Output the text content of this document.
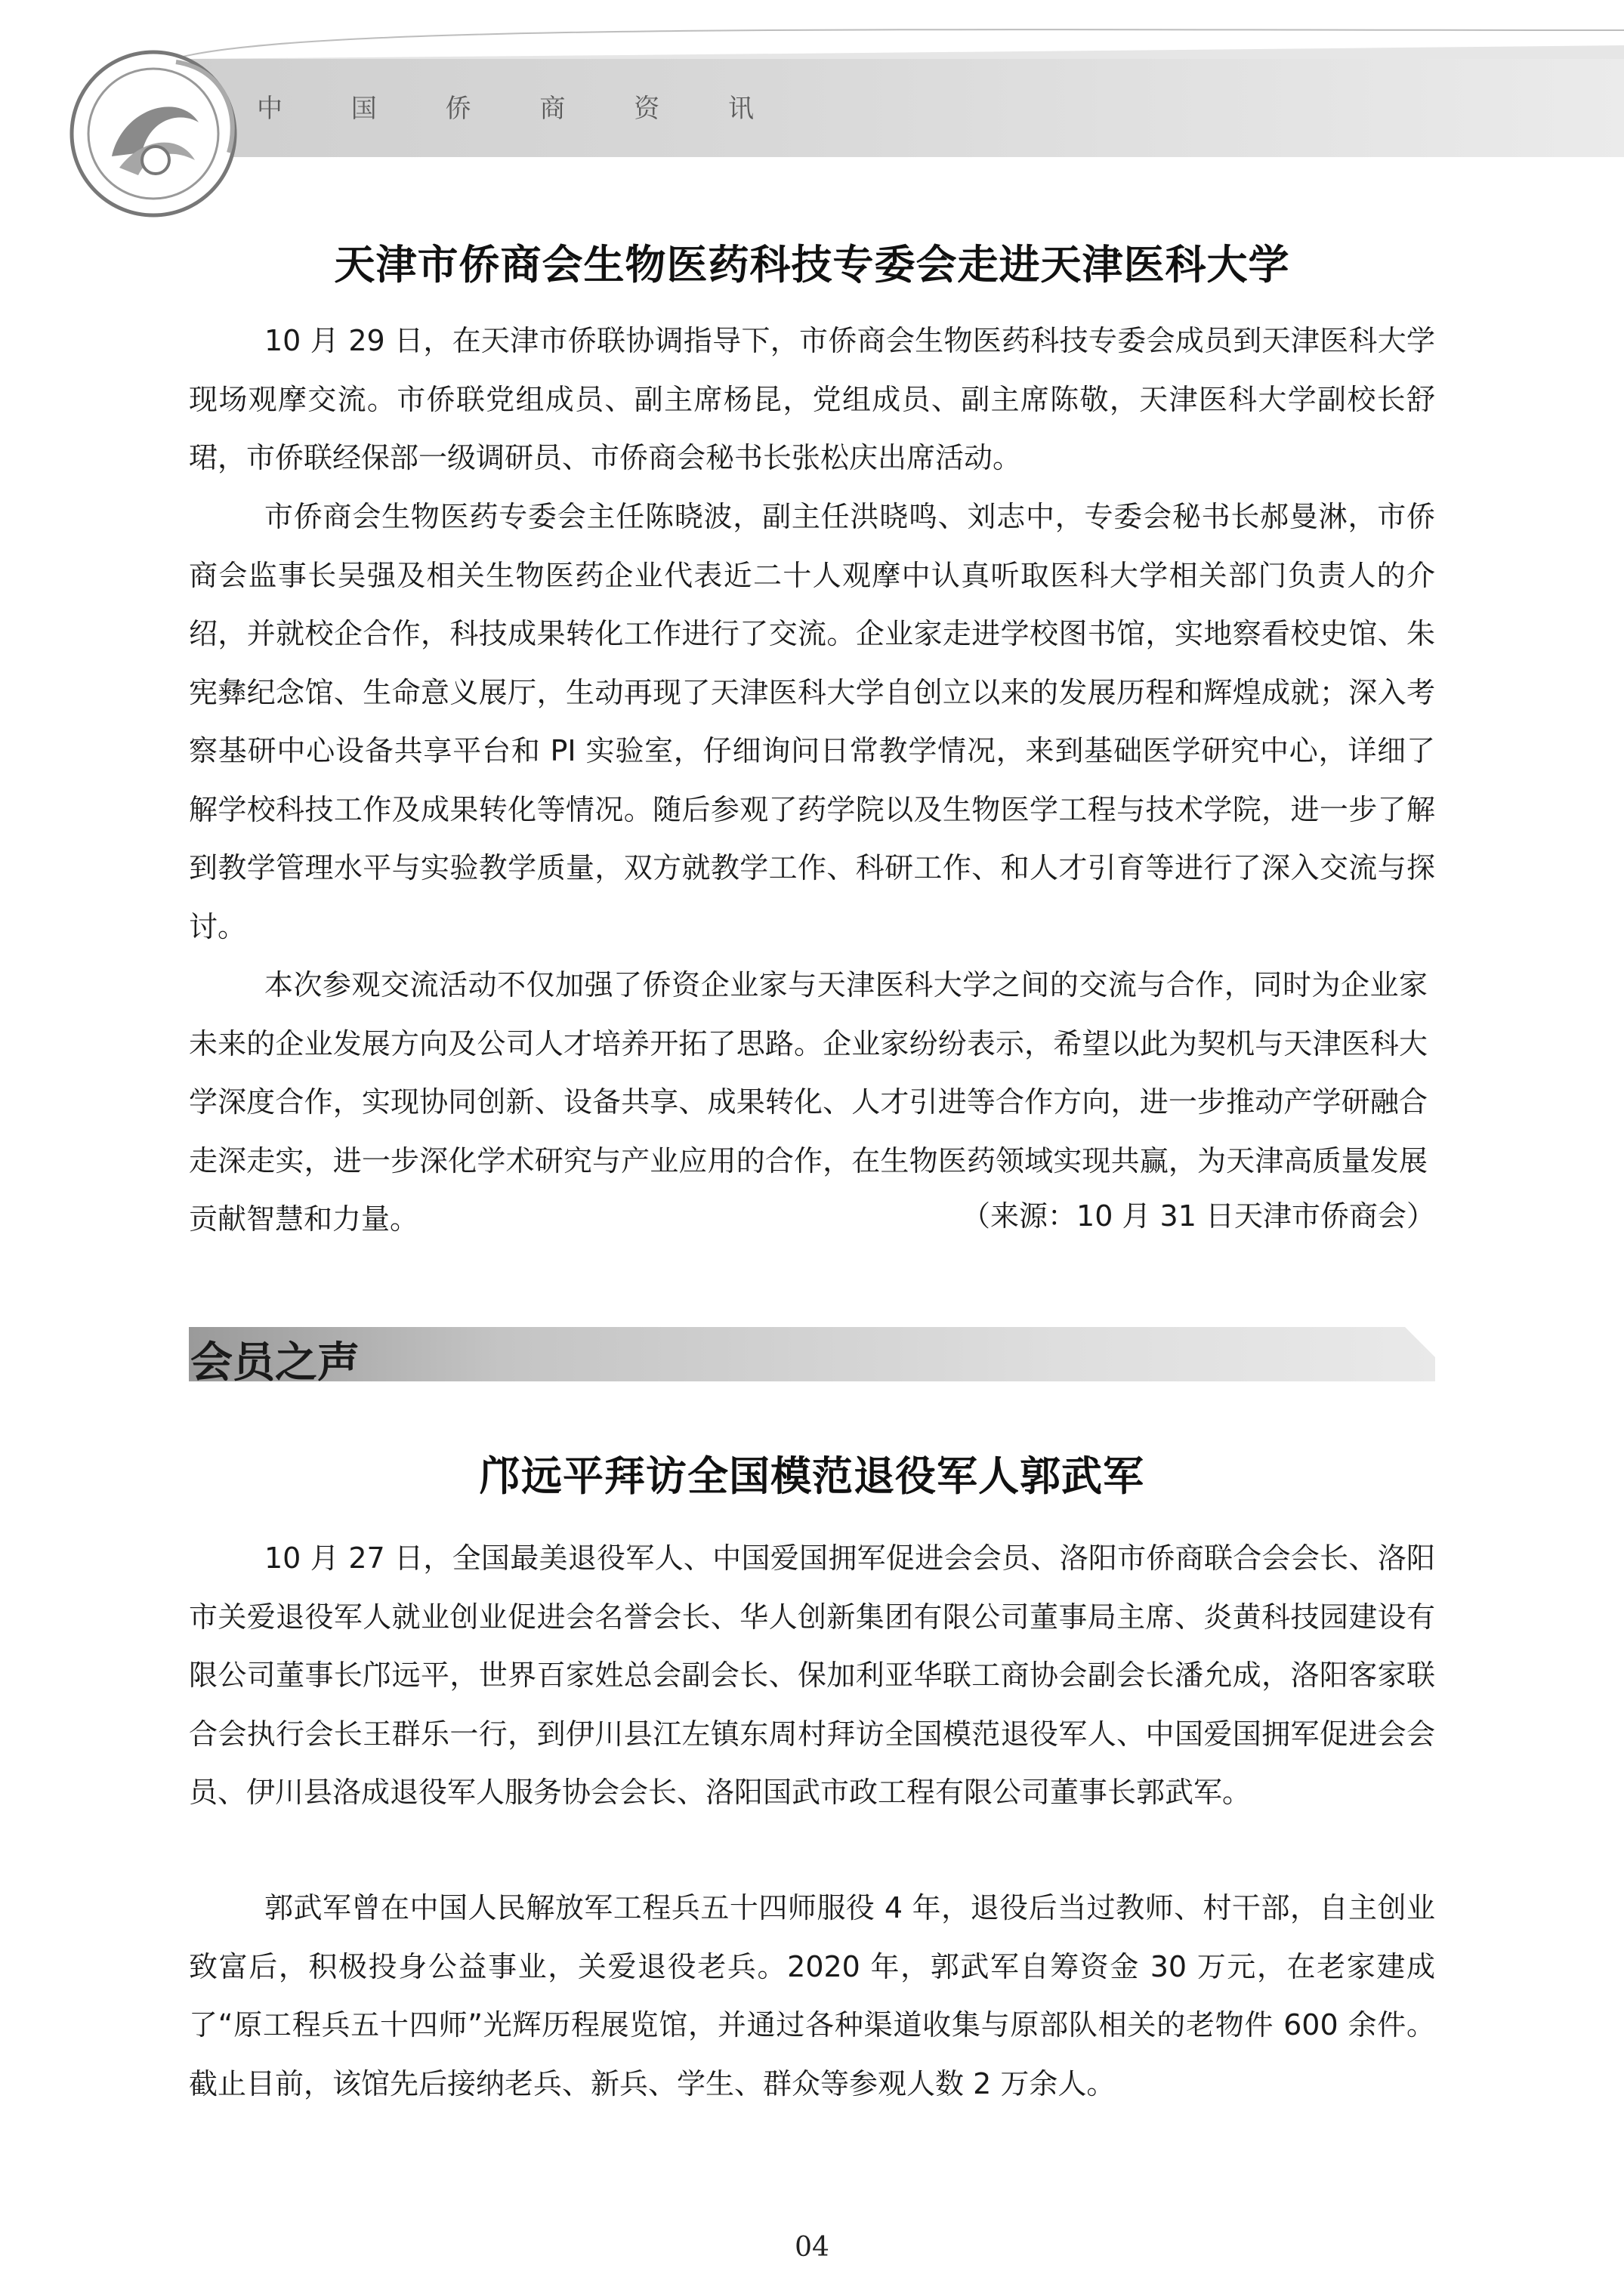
中 国 侨 商 资 讯
天津市侨商会生物医药科技专委会走进天津医科大学

10 月 29 日，在天津市侨联协调指导下，市侨商会生物医药科技专委会成员到天津医科大学现场观摩交流。市侨联党组成员、副主席杨昆，党组成员、副主席陈敬，天津医科大学副校长舒珺，市侨联经保部一级调研员、市侨商会秘书长张松庆出席活动。

市侨商会生物医药专委会主任陈晓波，副主任洪晓鸣、刘志中，专委会秘书长郝曼淋，市侨商会监事长吴强及相关生物医药企业代表近二十人观摩中认真听取医科大学相关部门负责人的介绍，并就校企合作，科技成果转化工作进行了交流。企业家走进学校图书馆，实地察看校史馆、朱宪彝纪念馆、生命意义展厅，生动再现了天津医科大学自创立以来的发展历程和辉煌成就；深入考察基研中心设备共享平台和 PI 实验室，仔细询问日常教学情况，来到基础医学研究中心，详细了解学校科技工作及成果转化等情况。随后参观了药学院以及生物医学工程与技术学院，进一步了解到教学管理水平与实验教学质量，双方就教学工作、科研工作、和人才引育等进行了深入交流与探讨。

本次参观交流活动不仅加强了侨资企业家与天津医科大学之间的交流与合作，同时为企业家未来的企业发展方向及公司人才培养开拓了思路。企业家纷纷表示，希望以此为契机与天津医科大学深度合作，实现协同创新、设备共享、成果转化、人才引进等合作方向，进一步推动产学研融合走深走实，进一步深化学术研究与产业应用的合作，在生物医药领域实现共赢，为天津高质量发展贡献智慧和力量。	（来源：10 月 31 日天津市侨商会）
会员之声
邝远平拜访全国模范退役军人郭武军

10 月 27 日，全国最美退役军人、中国爱国拥军促进会会员、洛阳市侨商联合会会长、洛阳市关爱退役军人就业创业促进会名誉会长、华人创新集团有限公司董事局主席、炎黄科技园建设有限公司董事长邝远平，世界百家姓总会副会长、保加利亚华联工商协会副会长潘允成，洛阳客家联合会执行会长王群乐一行，到伊川县江左镇东周村拜访全国模范退役军人、中国爱国拥军促进会会员、伊川县洛成退役军人服务协会会长、洛阳国武市政工程有限公司董事长郭武军。

郭武军曾在中国人民解放军工程兵五十四师服役 4 年，退役后当过教师、村干部，自主创业致富后，积极投身公益事业，关爱退役老兵。2020 年，郭武军自筹资金 30 万元，在老家建成了“原工程兵五十四师”光辉历程展览馆，并通过各种渠道收集与原部队相关的老物件 600 余件。截止目前，该馆先后接纳老兵、新兵、学生、群众等参观人数 2 万余人。

04
